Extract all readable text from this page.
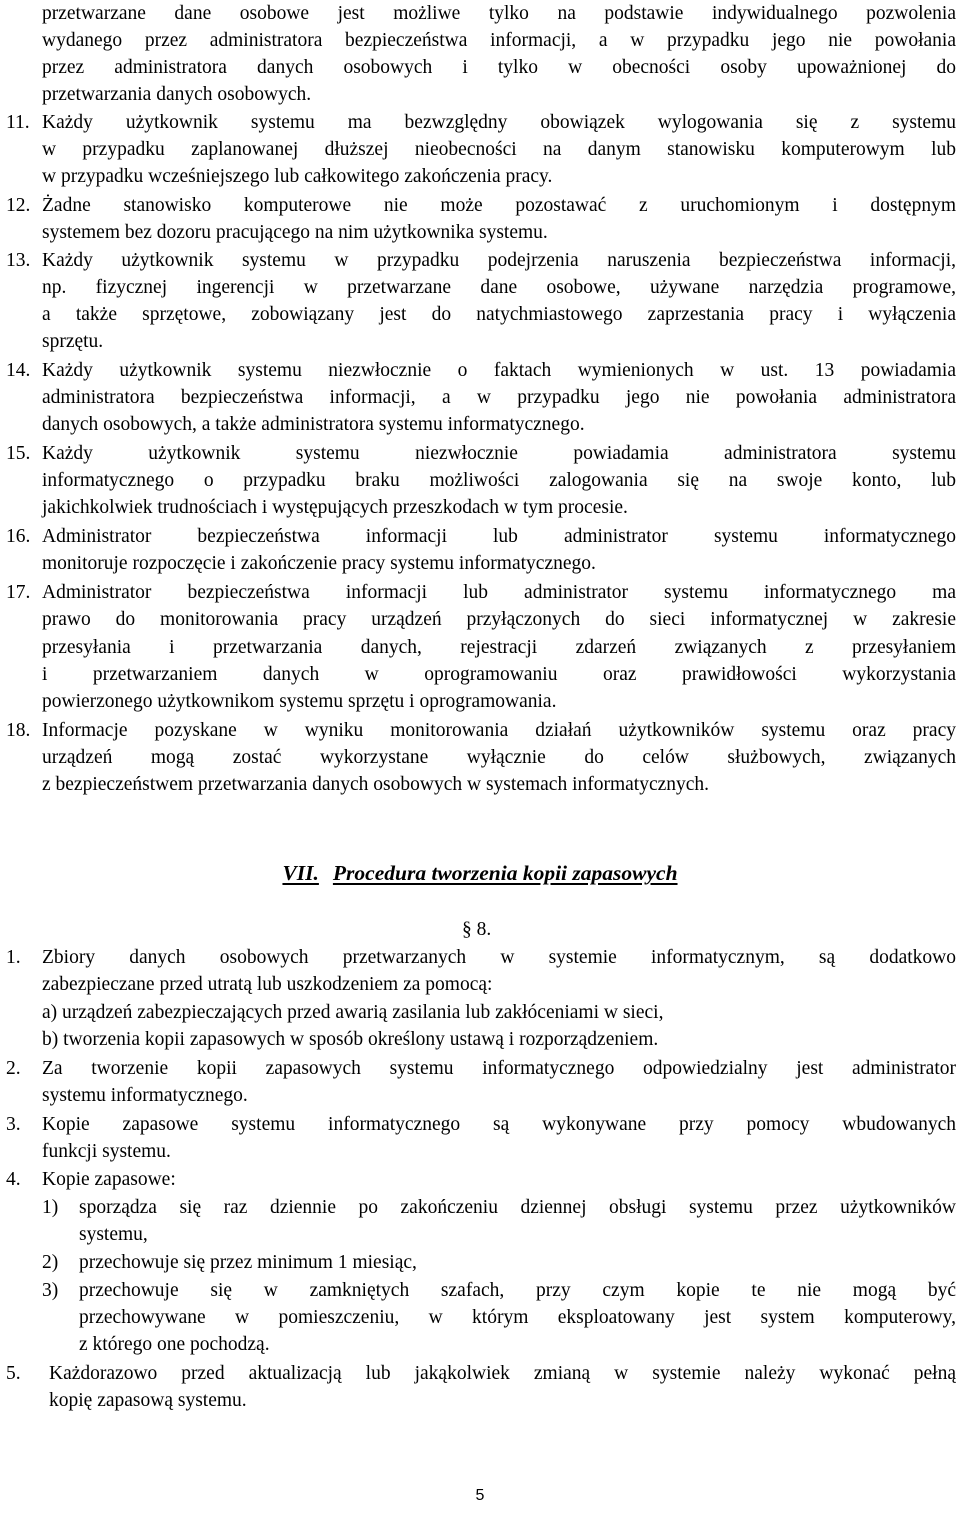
przetwarzane dane osobowe jest możliwe tylko na podstawie indywidualnego pozwolenia
wydanego przez administratora bezpieczeństwa informacji, a w przypadku jego nie powołania
przez administratora danych osobowych i tylko w obecności osoby upoważnionej do
przetwarzania danych osobowych.
11. Każdy użytkownik systemu ma bezwzględny obowiązek wylogowania się z systemu
w przypadku zaplanowanej dłuższej nieobecności na danym stanowisku komputerowym lub
w przypadku wcześniejszego lub całkowitego zakończenia pracy.
12. Żadne stanowisko komputerowe nie może pozostawać z uruchomionym i dostępnym
systemem bez dozoru pracującego na nim użytkownika systemu.
13. Każdy użytkownik systemu w przypadku podejrzenia naruszenia bezpieczeństwa informacji,
np. fizycznej ingerencji w przetwarzane dane osobowe, używane narzędzia programowe,
a także sprzętowe, zobowiązany jest do natychmiastowego zaprzestania pracy i wyłączenia
sprzętu.
14. Każdy użytkownik systemu niezwłocznie o faktach wymienionych w ust. 13 powiadamia
administratora bezpieczeństwa informacji, a w przypadku jego nie powołania administratora
danych osobowych, a także administratora systemu informatycznego.
15. Każdy użytkownik systemu niezwłocznie powiadamia administratora systemu
informatycznego o przypadku braku możliwości zalogowania się na swoje konto, lub
jakichkolwiek trudnościach i występujących przeszkodach w tym procesie.
16. Administrator bezpieczeństwa informacji lub administrator systemu informatycznego
monitoruje rozpoczęcie i zakończenie pracy systemu informatycznego.
17. Administrator bezpieczeństwa informacji lub administrator systemu informatycznego ma
prawo do monitorowania pracy urządzeń przyłączonych do sieci informatycznej w zakresie
przesyłania i przetwarzania danych, rejestracji zdarzeń związanych z przesyłaniem
i przetwarzaniem danych w oprogramowaniu oraz prawidłowości wykorzystania
powierzonego użytkownikom systemu sprzętu i oprogramowania.
18. Informacje pozyskane w wyniku monitorowania działań użytkowników systemu oraz pracy
urządzeń mogą zostać wykorzystane wyłącznie do celów służbowych, związanych
z bezpieczeństwem przetwarzania danych osobowych w systemach informatycznych.
VII. Procedura tworzenia kopii zapasowych
§ 8.
1. Zbiory danych osobowych przetwarzanych w systemie informatycznym, są dodatkowo
zabezpieczane przed utratą lub uszkodzeniem za pomocą:
a) urządzeń zabezpieczających przed awarią zasilania lub zakłóceniami w sieci,
b) tworzenia kopii zapasowych w sposób określony ustawą i rozporządzeniem.
2. Za tworzenie kopii zapasowych systemu informatycznego odpowiedzialny jest administrator
systemu informatycznego.
3. Kopie zapasowe systemu informatycznego są wykonywane przy pomocy wbudowanych
funkcji systemu.
4. Kopie zapasowe:
1) sporządza się raz dziennie po zakończeniu dziennej obsługi systemu przez użytkowników
systemu,
2) przechowuje się przez minimum 1 miesiąc,
3) przechowuje się w zamkniętych szafach, przy czym kopie te nie mogą być
przechowywane w pomieszczeniu, w którym eksploatowany jest system komputerowy,
z którego one pochodzą.
5. Każdorazowo przed aktualizacją lub jakąkolwiek zmianą w systemie należy wykonać pełną
kopię zapasową systemu.
5
